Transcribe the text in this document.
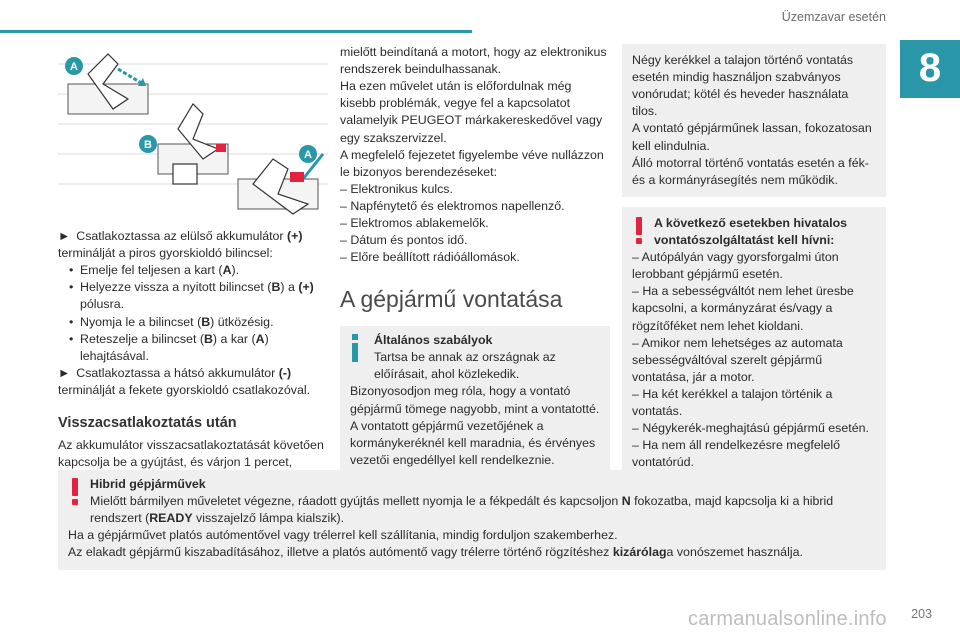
Üzemzavar esetén
8
A
B
A

► Csatlakoztassa az elülső akkumulátor (+) terminálját a piros gyorskioldó bilincsel:

• Emelje fel teljesen a kart (A).

• Helyezze vissza a nyitott bilincset (B) a (+) pólusra.

• Nyomja le a bilincset (B) ütközésig.

• Reteszelje a bilincset (B) a kar (A) lehajtásával.

► Csatlakoztassa a hátsó akkumulátor (-) terminálját a fekete gyorskioldó csatlakozóval.

Visszacsatlakoztatás után

Az akkumulátor visszacsatlakoztatását követően kapcsolja be a gyújtást, és várjon 1 percet,

mielőtt beindítaná a motort, hogy az elektronikus rendszerek beindulhassanak.

Ha ezen művelet után is előfordulnak még kisebb problémák, vegye fel a kapcsolatot valamelyik PEUGEOT márkakereskedővel vagy egy szakszervizzel.

A megfelelő fejezetet figyelembe véve nullázzon le bizonyos berendezéseket:

– Elektronikus kulcs.

– Napfénytető és elektromos napellenző.

– Elektromos ablakemelők.

– Dátum és pontos idő.

– Előre beállított rádióállomások.

A gépjármű vontatása

Általános szabályok

Tartsa be annak az országnak az előírásait, ahol közlekedik.

Bizonyosodjon meg róla, hogy a vontató gépjármű tömege nagyobb, mint a vontatotté.
A vontatott gépjármű vezetőjének a kormánykeréknél kell maradnia, és érvényes vezetői engedéllyel kell rendelkeznie.

Négy kerékkel a talajon történő vontatás esetén mindig használjon szabványos vonórudat; kötél és heveder használata tilos.

A vontató gépjárműnek lassan, fokozatosan kell elindulnia.

Álló motorral történő vontatás esetén a fék- és a kormányrásegítés nem működik.

A következő esetekben hivatalos vontatószolgáltatást kell hívni:

– Autópályán vagy gyorsforgalmi úton lerobbant gépjármű esetén.

– Ha a sebességváltót nem lehet üresbe kapcsolni, a kormányzárat és/vagy a rögzítőféket nem lehet kioldani.

– Amikor nem lehetséges az automata sebességváltóval szerelt gépjármű vontatása, jár a motor.

– Ha két kerékkel a talajon történik a vontatás.

– Négykerék-meghajtású gépjármű esetén.

– Ha nem áll rendelkezésre megfelelő vontatórúd.

Hibrid gépjárművek

Mielőtt bármilyen műveletet végezne, ráadott gyújtás mellett nyomja le a fékpedált és kapcsoljon N fokozatba, majd kapcsolja ki a hibrid rendszert (READY visszajelző lámpa kialszik).

Ha a gépjárművet platós autómentővel vagy trélerrel kell szállítania, mindig forduljon szakemberhez.

Az elakadt gépjármű kiszabadításához, illetve a platós autómentő vagy trélerre történő rögzítéshez kizárólaga vonószemet használja.

carmanualsonline.info 203
